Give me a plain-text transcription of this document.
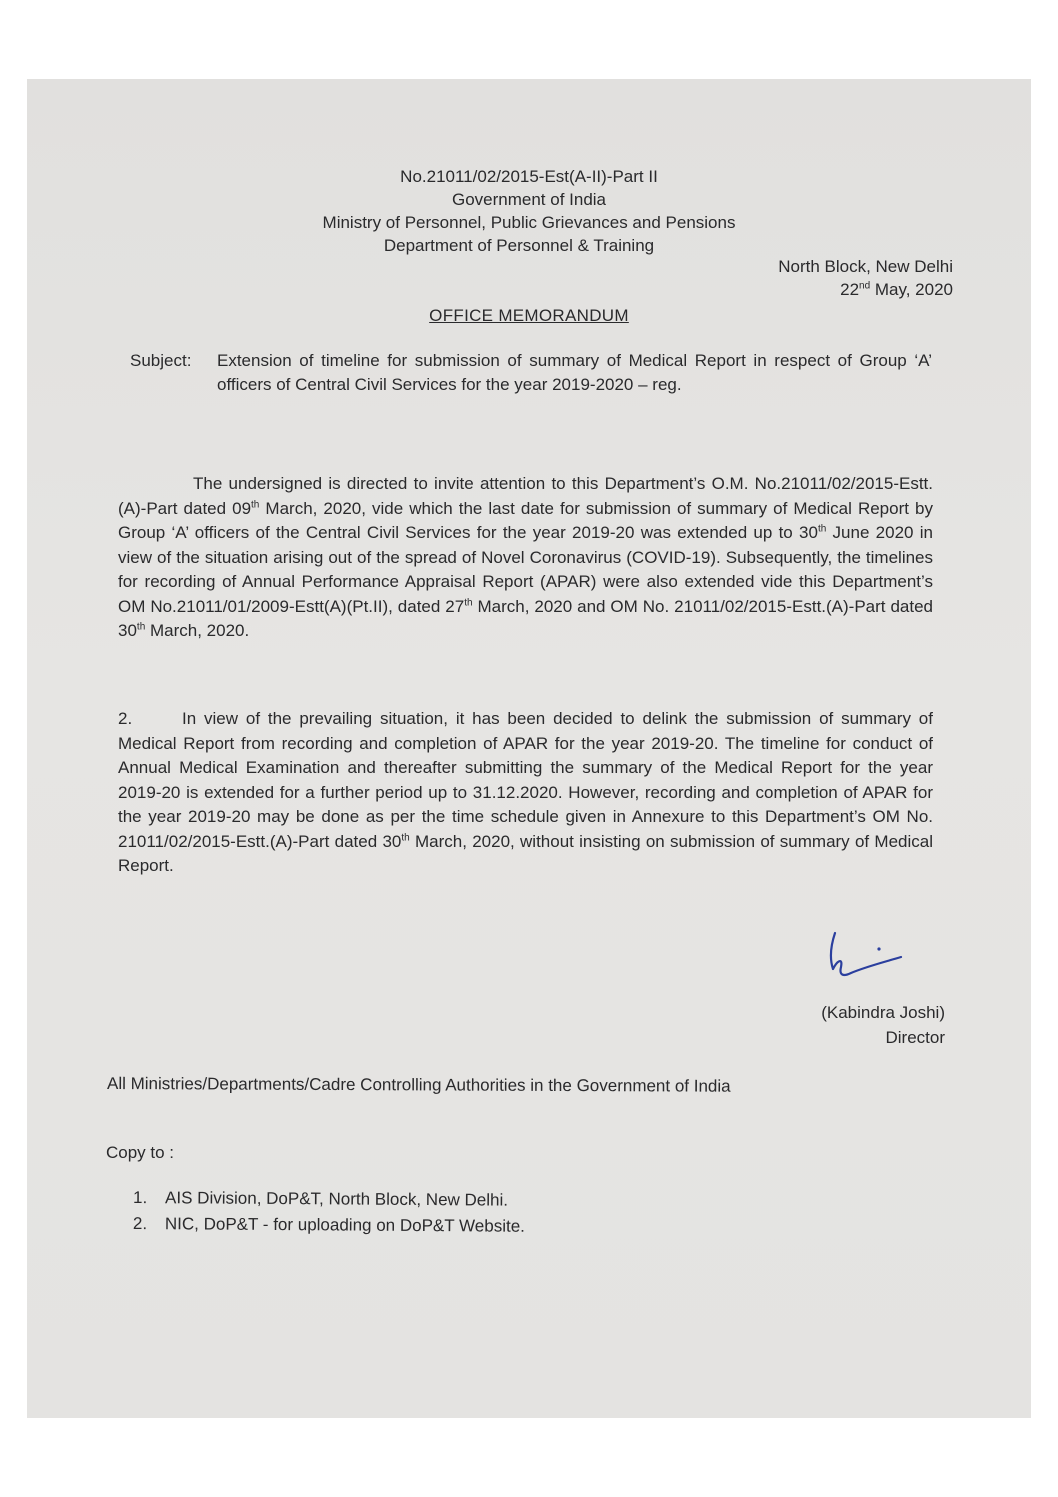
No.21011/02/2015-Est(A-II)-Part II
Government of India
Ministry of Personnel, Public Grievances and Pensions
Department of Personnel & Training
North Block, New Delhi
22nd May, 2020
OFFICE MEMORANDUM
Subject: Extension of timeline for submission of summary of Medical Report in respect of Group ‘A’ officers of Central Civil Services for the year 2019-2020 – reg.
The undersigned is directed to invite attention to this Department’s O.M. No.21011/02/2015-Estt.(A)-Part dated 09th March, 2020, vide which the last date for submission of summary of Medical Report by Group ‘A’ officers of the Central Civil Services for the year 2019-20 was extended up to 30th June 2020 in view of the situation arising out of the spread of Novel Coronavirus (COVID-19). Subsequently, the timelines for recording of Annual Performance Appraisal Report (APAR) were also extended vide this Department’s OM No.21011/01/2009-Estt(A)(Pt.II), dated 27th March, 2020 and OM No. 21011/02/2015-Estt.(A)-Part dated 30th March, 2020.
2.	In view of the prevailing situation, it has been decided to delink the submission of summary of Medical Report from recording and completion of APAR for the year 2019-20. The timeline for conduct of Annual Medical Examination and thereafter submitting the summary of the Medical Report for the year 2019-20 is extended for a further period up to 31.12.2020. However, recording and completion of APAR for the year 2019-20 may be done as per the time schedule given in Annexure to this Department’s OM No. 21011/02/2015-Estt.(A)-Part dated 30th March, 2020, without insisting on submission of summary of Medical Report.
(Kabindra Joshi)
Director
All Ministries/Departments/Cadre Controlling Authorities in the Government of India
Copy to :
1. AIS Division, DoP&T, North Block, New Delhi.
2. NIC, DoP&T - for uploading on DoP&T Website.
